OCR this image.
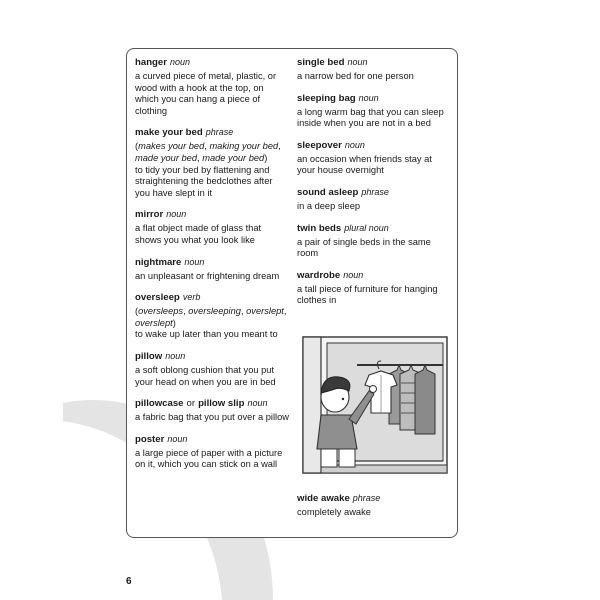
hanger noun
a curved piece of metal, plastic, or wood with a hook at the top, on which you can hang a piece of clothing
make your bed phrase
(makes your bed, making your bed, made your bed, made your bed)
to tidy your bed by flattening and straightening the bedclothes after you have slept in it
mirror noun
a flat object made of glass that shows you what you look like
nightmare noun
an unpleasant or frightening dream
oversleep verb
(oversleeps, oversleeping, overslept, overslept)
to wake up later than you meant to
pillow noun
a soft oblong cushion that you put your head on when you are in bed
pillowcase or pillow slip noun
a fabric bag that you put over a pillow
poster noun
a large piece of paper with a picture on it, which you can stick on a wall
single bed noun
a narrow bed for one person
sleeping bag noun
a long warm bag that you can sleep inside when you are not in a bed
sleepover noun
an occasion when friends stay at your house overnight
sound asleep phrase
in a deep sleep
twin beds plural noun
a pair of single beds in the same room
wardrobe noun
a tall piece of furniture for hanging clothes in
wide awake phrase
completely awake
6
